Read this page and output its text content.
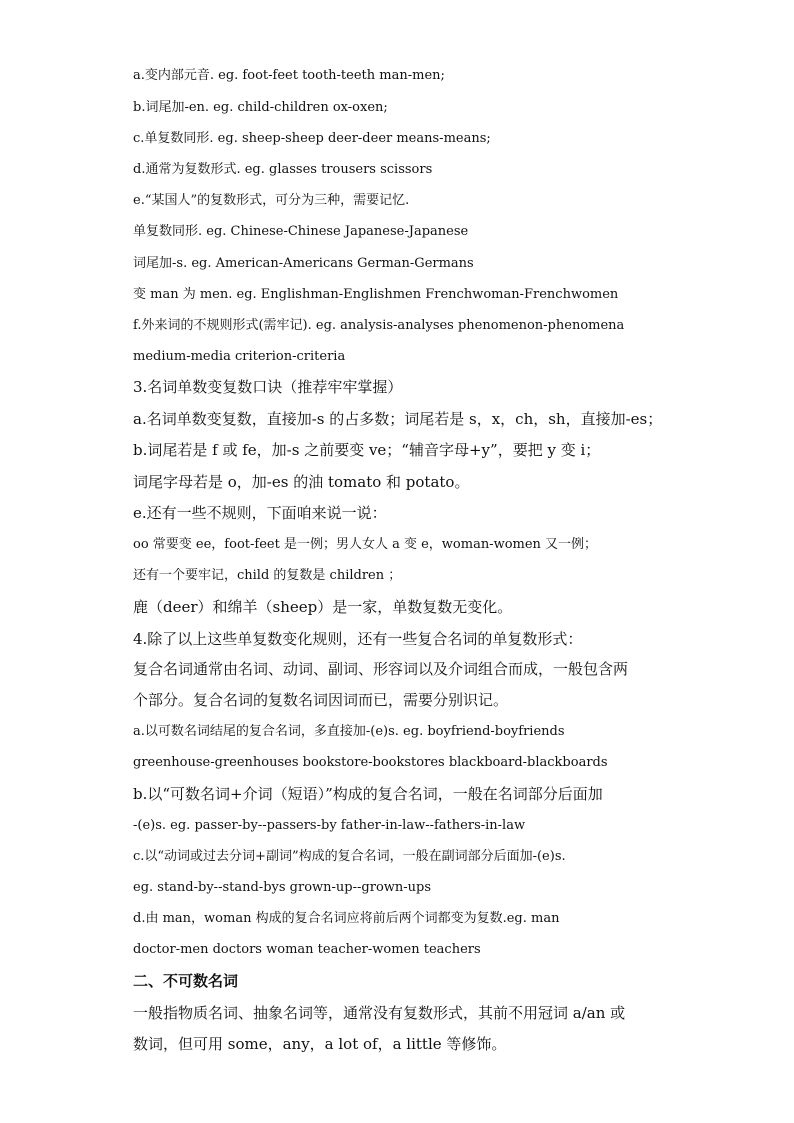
a.变内部元音. eg. foot-feet tooth-teeth man-men;
b.词尾加-en. eg. child-children ox-oxen;
c.单复数同形. eg. sheep-sheep deer-deer means-means;
d.通常为复数形式. eg. glasses trousers scissors
e.“某国人”的复数形式，可分为三种，需要记忆.
单复数同形. eg. Chinese-Chinese Japanese-Japanese
词尾加-s. eg. American-Americans German-Germans
变 man 为 men. eg. Englishman-Englishmen Frenchwoman-Frenchwomen
f.外来词的不规则形式(需牢记). eg. analysis-analyses phenomenon-phenomena
medium-media criterion-criteria
3.名词单数变复数口诀（推荐牢牢掌握）
a.名词单数变复数，直接加-s 的占多数；词尾若是 s，x，ch，sh，直接加-es；
b.词尾若是 f 或 fe，加-s 之前要变 ve；“辅音字母+y”，要把 y 变 i；
词尾字母若是 o，加-es 的油 tomato 和 potato。
e.还有一些不规则，下面咱来说一说：
oo 常要变 ee，foot-feet 是一例；男人女人 a 变 e，woman-women 又一例；
还有一个要牢记，child 的复数是 children ；
鹿（deer）和绵羊（sheep）是一家，单数复数无变化。
4.除了以上这些单复数变化规则，还有一些复合名词的单复数形式：
复合名词通常由名词、动词、副词、形容词以及介词组合而成，一般包含两
个部分。复合名词的复数名词因词而已，需要分别识记。
a.以可数名词结尾的复合名词，多直接加-(e)s. eg. boyfriend-boyfriends
greenhouse-greenhouses bookstore-bookstores blackboard-blackboards
b.以“可数名词+介词（短语）”构成的复合名词，一般在名词部分后面加
-(e)s. eg. passer-by--passers-by father-in-law--fathers-in-law
c.以“动词或过去分词+副词”构成的复合名词，一般在副词部分后面加-(e)s.
eg. stand-by--stand-bys grown-up--grown-ups
d.由 man，woman 构成的复合名词应将前后两个词都变为复数.eg. man
doctor-men doctors woman teacher-women teachers
二、不可数名词
一般指物质名词、抽象名词等，通常没有复数形式，其前不用冠词 a/an 或
数词，但可用 some，any，a lot of，a little 等修饰。
